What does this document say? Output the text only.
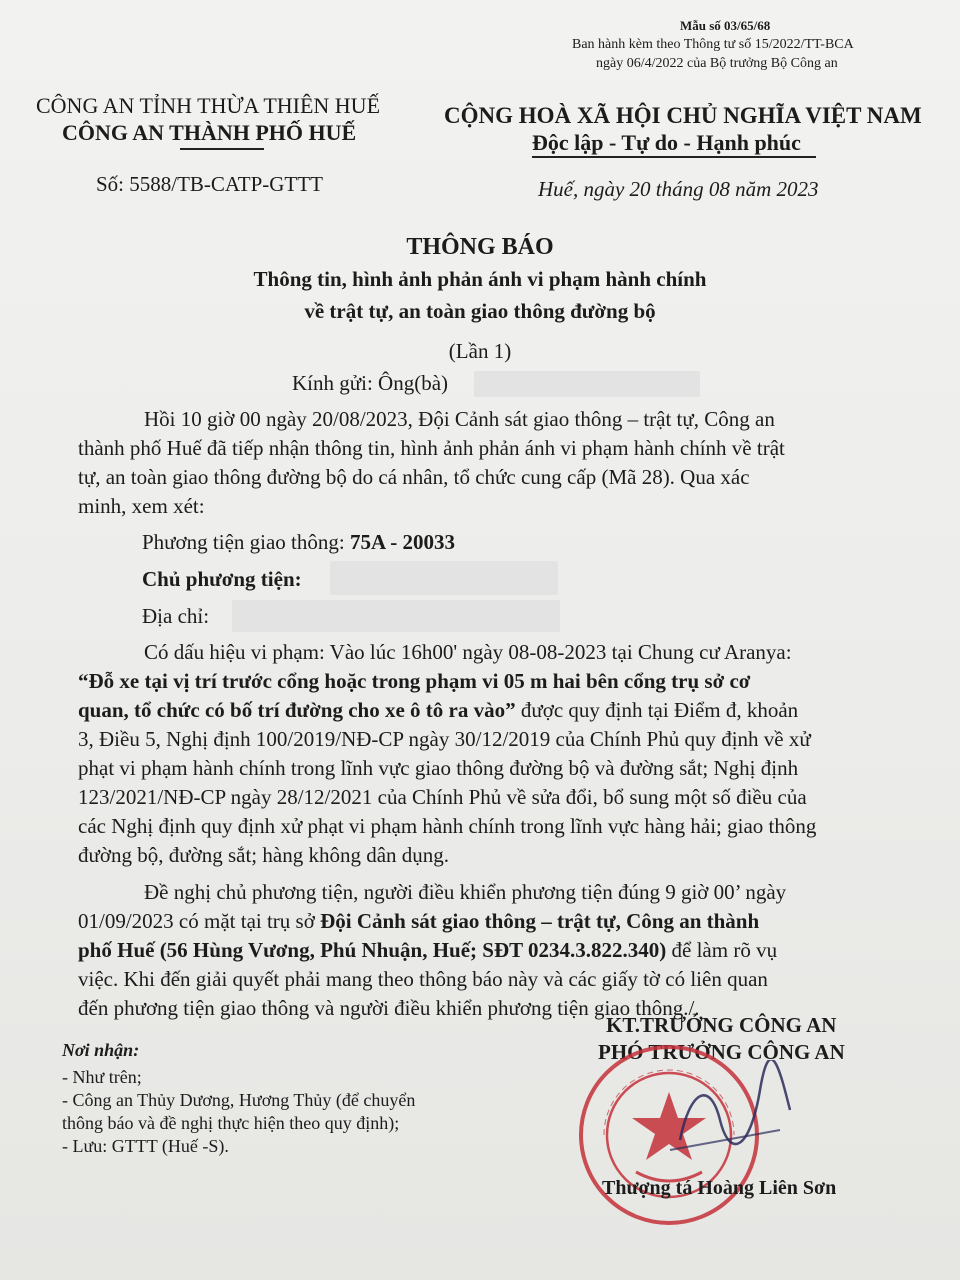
Mẫu số 03/65/68
Ban hành kèm theo Thông tư số 15/2022/TT-BCA
ngày 06/4/2022 của Bộ trưởng Bộ Công an
CÔNG AN TỈNH THỪA THIÊN HUẾ
CÔNG AN THÀNH PHỐ HUẾ
CỘNG HOÀ XÃ HỘI CHỦ NGHĨA VIỆT NAM
Độc lập - Tự do - Hạnh phúc
Số: 5588/TB-CATP-GTTT	Huế, ngày 20 tháng 08 năm 2023
THÔNG BÁO
Thông tin, hình ảnh phản ánh vi phạm hành chính
về trật tự, an toàn giao thông đường bộ
(Lần 1)
Kính gửi: Ông(bà)
Hồi 10 giờ 00 ngày 20/08/2023, Đội Cảnh sát giao thông – trật tự, Công an
thành phố Huế đã tiếp nhận thông tin, hình ảnh phản ánh vi phạm hành chính về trật
tự, an toàn giao thông đường bộ do cá nhân, tổ chức cung cấp (Mã 28). Qua xác
minh, xem xét:
Phương tiện giao thông: 75A - 20033
Chủ phương tiện:
Địa chỉ:
Có dấu hiệu vi phạm: Vào lúc 16h00' ngày 08-08-2023 tại Chung cư Aranya:
“Đỗ xe tại vị trí trước cổng hoặc trong phạm vi 05 m hai bên cổng trụ sở cơ
quan, tổ chức có bố trí đường cho xe ô tô ra vào” được quy định tại Điểm đ, khoản
3, Điều 5, Nghị định 100/2019/NĐ-CP ngày 30/12/2019 của Chính Phủ quy định về xử
phạt vi phạm hành chính trong lĩnh vực giao thông đường bộ và đường sắt; Nghị định
123/2021/NĐ-CP ngày 28/12/2021 của Chính Phủ về sửa đổi, bổ sung một số điều của
các Nghị định quy định xử phạt vi phạm hành chính trong lĩnh vực hàng hải; giao thông
đường bộ, đường sắt; hàng không dân dụng.
Đề nghị chủ phương tiện, người điều khiển phương tiện đúng 9 giờ 00’ ngày
01/09/2023 có mặt tại trụ sở Đội Cảnh sát giao thông – trật tự, Công an thành
phố Huế (56 Hùng Vương, Phú Nhuận, Huế; SĐT 0234.3.822.340) để làm rõ vụ
việc. Khi đến giải quyết phải mang theo thông báo này và các giấy tờ có liên quan
đến phương tiện giao thông và người điều khiển phương tiện giao thông./.
Nơi nhận:
- Như trên;
- Công an Thủy Dương, Hương Thủy (để chuyển
thông báo và đề nghị thực hiện theo quy định);
- Lưu: GTTT (Huế -S).
KT.TRƯỞNG CÔNG AN
PHÓ TRƯỞNG CÔNG AN
Thượng tá Hoàng Liên Sơn
